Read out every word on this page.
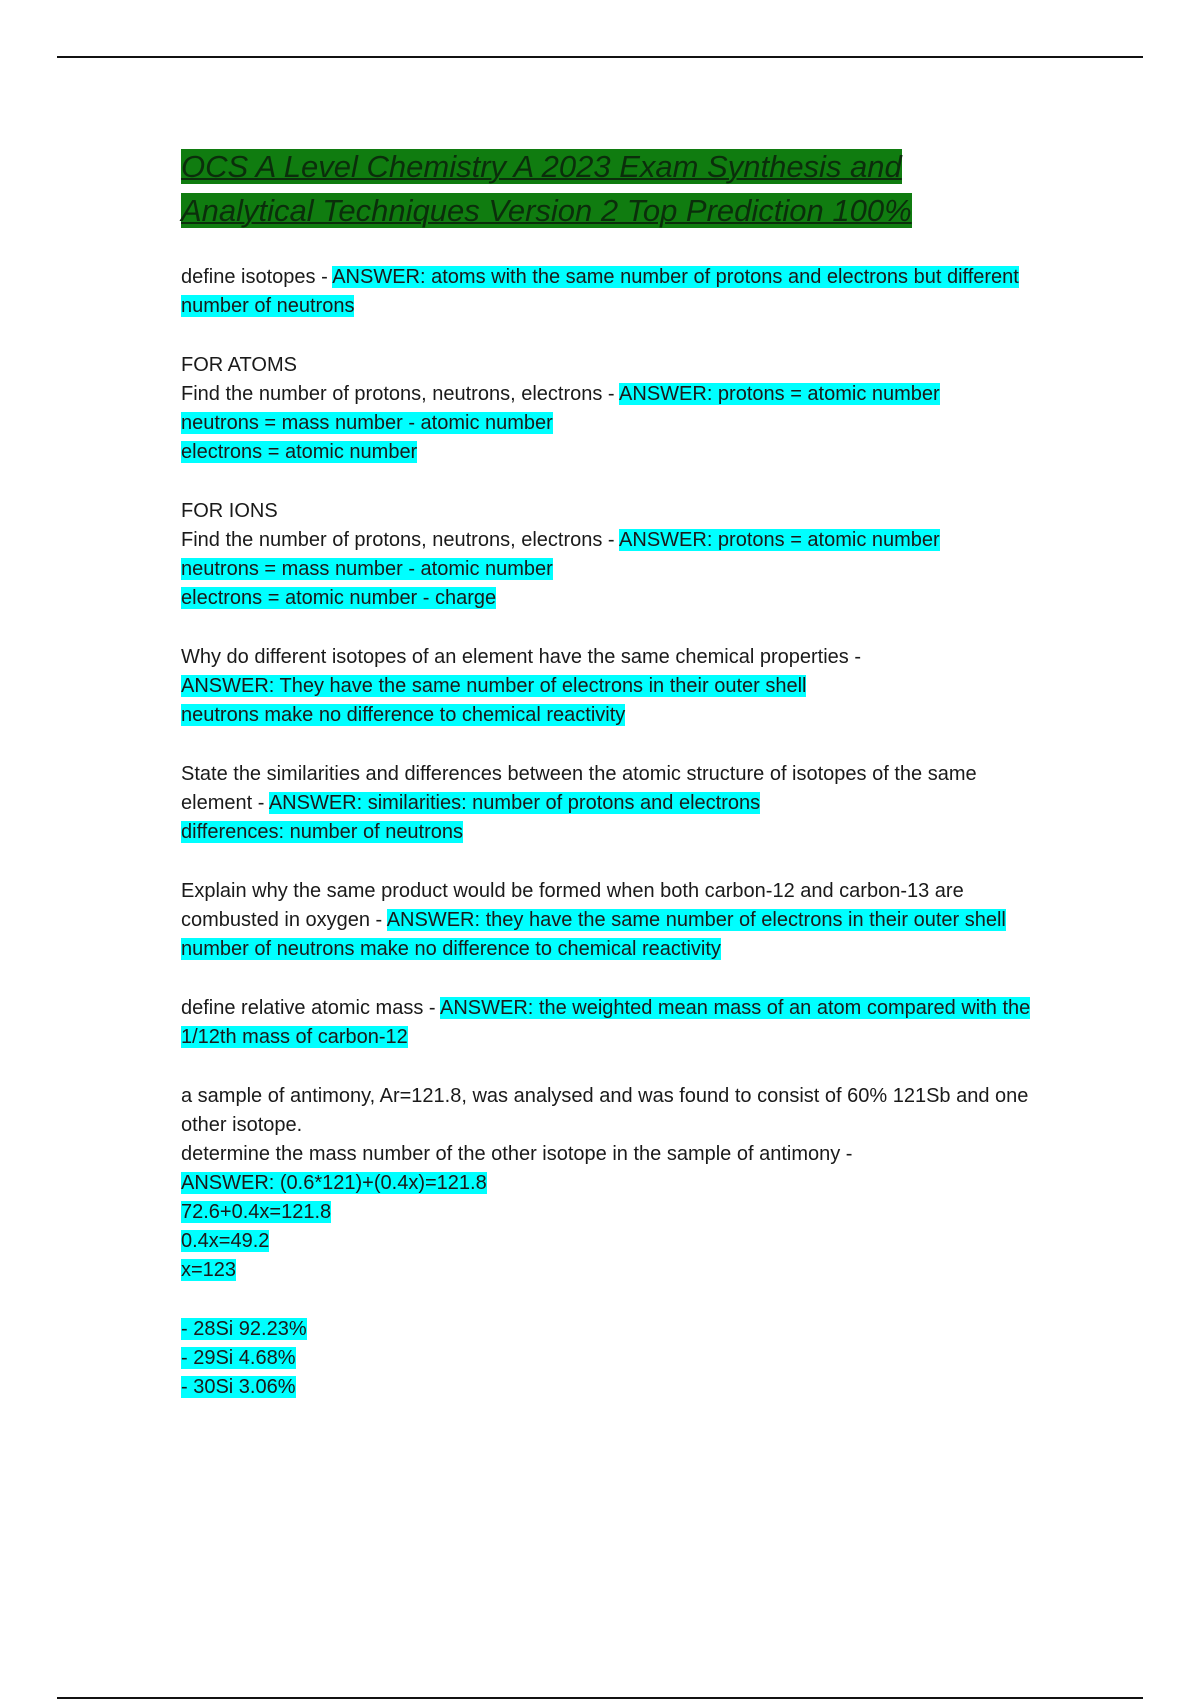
OCS A Level Chemistry A 2023 Exam Synthesis and Analytical Techniques Version 2 Top Prediction 100%
define isotopes - ANSWER: atoms with the same number of protons and electrons but different number of neutrons
FOR ATOMS
Find the number of protons, neutrons, electrons - ANSWER: protons = atomic number
neutrons = mass number - atomic number
electrons = atomic number
FOR IONS
Find the number of protons, neutrons, electrons - ANSWER: protons = atomic number
neutrons = mass number - atomic number
electrons = atomic number - charge
Why do different isotopes of an element have the same chemical properties -
ANSWER: They have the same number of electrons in their outer shell
neutrons make no difference to chemical reactivity
State the similarities and differences between the atomic structure of isotopes of the same element - ANSWER: similarities: number of protons and electrons
differences: number of neutrons
Explain why the same product would be formed when both carbon-12 and carbon-13 are combusted in oxygen - ANSWER: they have the same number of electrons in their outer shell
number of neutrons make no difference to chemical reactivity
define relative atomic mass - ANSWER: the weighted mean mass of an atom compared with the 1/12th mass of carbon-12
a sample of antimony, Ar=121.8, was analysed and was found to consist of 60% 121Sb and one other isotope.
determine the mass number of the other isotope in the sample of antimony -
ANSWER: (0.6*121)+(0.4x)=121.8
72.6+0.4x=121.8
0.4x=49.2
x=123
- 28Si 92.23%
- 29Si 4.68%
- 30Si 3.06%
